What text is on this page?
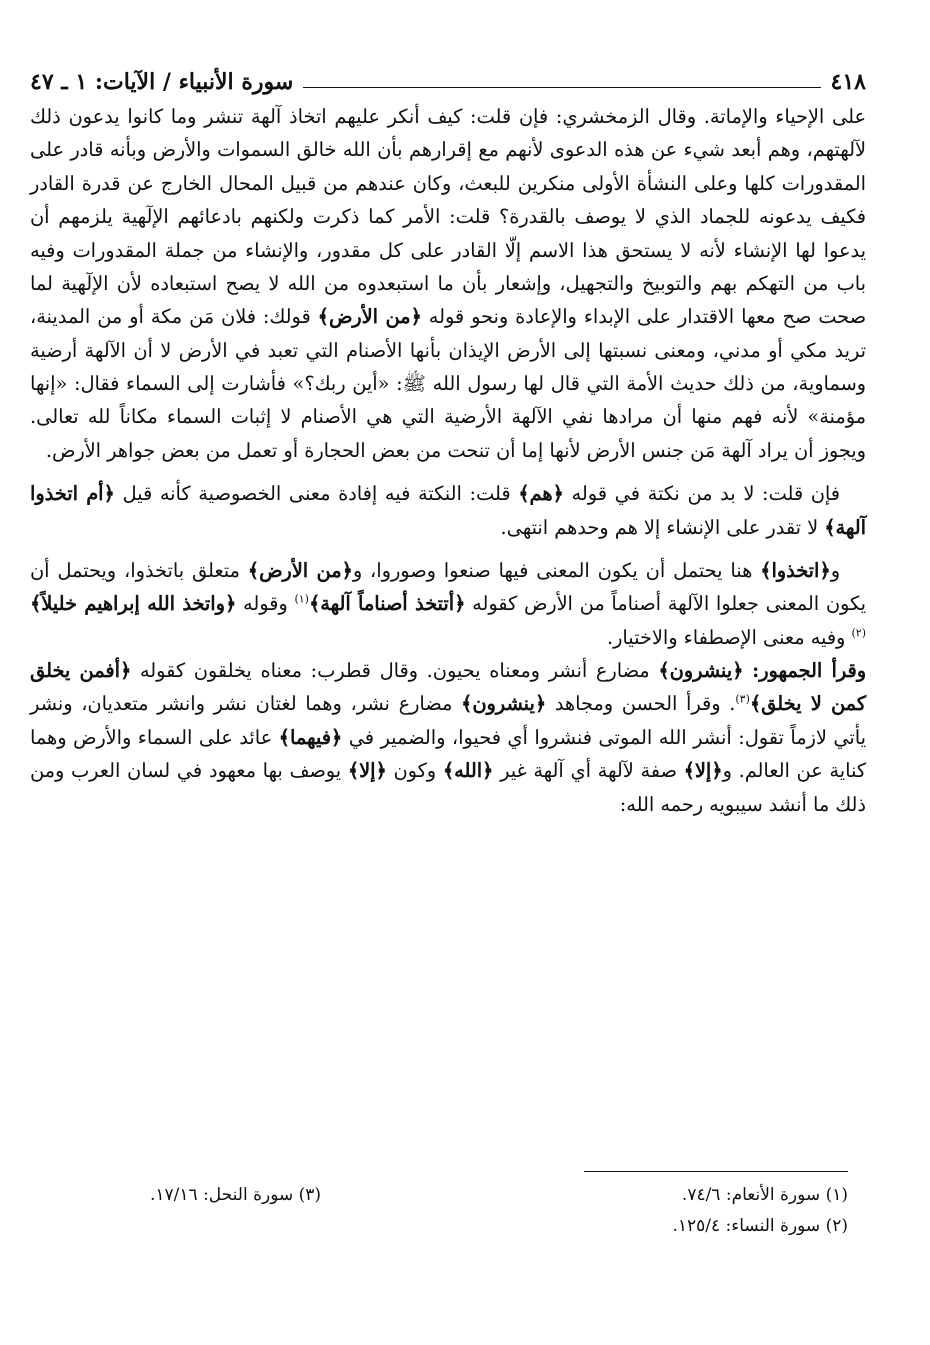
٤١٨
سورة الأنبياء / الآيات: ١ ـ ٤٧

على الإحياء والإماتة. وقال الزمخشري: فإن قلت: كيف أنكر عليهم اتخاذ آلهة تنشر وما كانوا يدعون ذلك لآلهتهم، وهم أبعد شيء عن هذه الدعوى لأنهم مع إقرارهم بأن الله خالق السموات والأرض وبأنه قادر على المقدورات كلها وعلى النشأة الأولى منكرين للبعث، وكان عندهم من قبيل المحال الخارج عن قدرة القادر فكيف يدعونه للجماد الذي لا يوصف بالقدرة؟ قلت: الأمر كما ذكرت ولكنهم بادعائهم الإلٓهية يلزمهم أن يدعوا لها الإنشاء لأنه لا يستحق هذا الاسم إلّا القادر على كل مقدور، والإنشاء من جملة المقدورات وفيه باب من التهكم بهم والتوبيخ والتجهيل، وإشعار بأن ما استبعدوه من الله لا يصح استبعاده لأن الإلٓهية لما صحت صح معها الاقتدار على الإبداء والإعادة ونحو قوله ﴿من الأرض﴾ قولك: فلان مَن مكة أو من المدينة، تريد مكي أو مدني، ومعنى نسبتها إلى الأرض الإيذان بأنها الأصنام التي تعبد في الأرض لا أن الآلهة أرضية وسماوية، من ذلك حديث الأمة التي قال لها رسول الله ﷺ: «أين ربك؟» فأشارت إلى السماء فقال: «إنها مؤمنة» لأنه فهم منها أن مرادها نفي الآلهة الأرضية التي هي الأصنام لا إثبات السماء مكاناً لله تعالى. ويجوز أن يراد آلهة مَن جنس الأرض لأنها إما أن تنحت من بعض الحجارة أو تعمل من بعض جواهر الأرض.

فإن قلت: لا بد من نكتة في قوله ﴿هم﴾ قلت: النكتة فيه إفادة معنى الخصوصية كأنه قيل ﴿أم اتخذوا آلهة﴾ لا تقدر على الإنشاء إلا هم وحدهم انتهى.

و﴿اتخذوا﴾ هنا يحتمل أن يكون المعنى فيها صنعوا وصوروا، و﴿من الأرض﴾ متعلق باتخذوا، ويحتمل أن يكون المعنى جعلوا الآلهة أصناماً من الأرض كقوله ﴿أتتخذ أصناماً آلهة﴾$^{(١)}$ وقوله ﴿واتخذ الله إبراهيم خليلاً﴾$^{(٢)}$ وفيه معنى الإصطفاء والاختيار.

وقرأ الجمهور: ﴿ينشرون﴾ مضارع أنشر ومعناه يحيون. وقال قطرب: معناه يخلقون كقوله ﴿أفمن يخلق كمن لا يخلق﴾$^{(٣)}$. وقرأ الحسن ومجاهد ﴿ينشرون﴾ مضارع نشر، وهما لغتان نشر وانشر متعديان، ونشر يأتي لازماً تقول: أنشر الله الموتى فنشروا أي فحيوا، والضمير في ﴿فيهما﴾ عائد على السماء والأرض وهما كناية عن العالم. و﴿إلا﴾ صفة لآلهة أي آلهة غير ﴿الله﴾ وكون ﴿إلا﴾ يوصف بها معهود في لسان العرب ومن ذلك ما أنشد سيبويه رحمه الله:

(١) سورة الأنعام: ٧٤/٦.
(٣) سورة النحل: ١٧/١٦.
(٢) سورة النساء: ١٢٥/٤.
